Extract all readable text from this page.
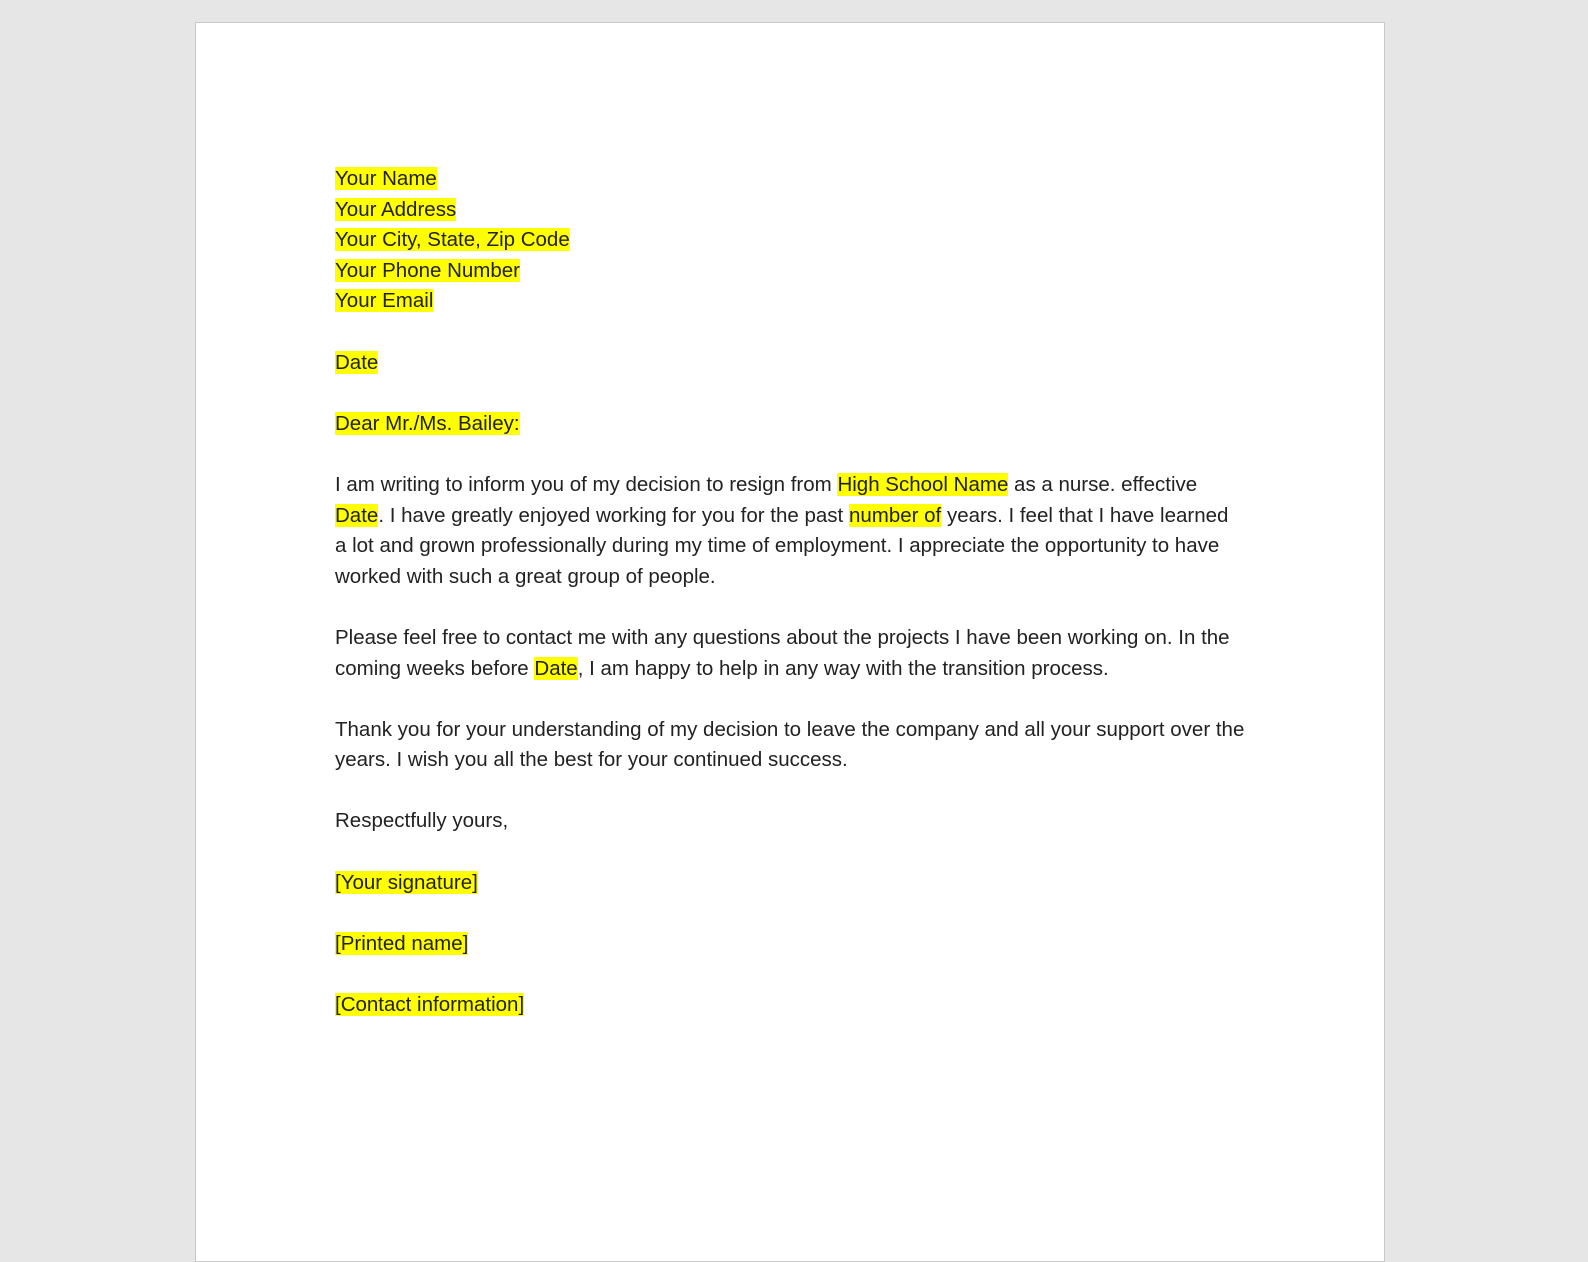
Your Name
Your Address
Your City, State, Zip Code
Your Phone Number
Your Email

Date

Dear Mr./Ms. Bailey:

I am writing to inform you of my decision to resign from High School Name as a nurse. effective Date. I have greatly enjoyed working for you for the past number of years. I feel that I have learned a lot and grown professionally during my time of employment. I appreciate the opportunity to have worked with such a great group of people.

Please feel free to contact me with any questions about the projects I have been working on. In the coming weeks before Date, I am happy to help in any way with the transition process.

Thank you for your understanding of my decision to leave the company and all your support over the years. I wish you all the best for your continued success.

Respectfully yours,

[Your signature]

[Printed name]

[Contact information]
